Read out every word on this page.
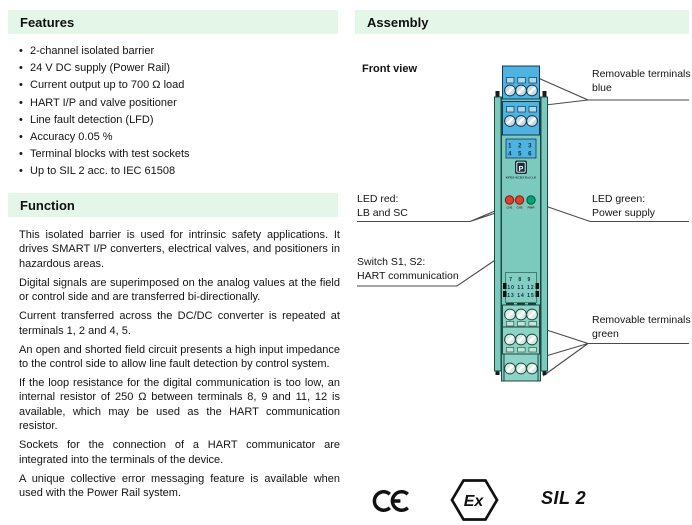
Features
• 2-channel isolated barrier
• 24 V DC supply (Power Rail)
• Current output up to 700 Ω load
• HART I/P and valve positioner
• Line fault detection (LFD)
• Accuracy 0.05 %
• Terminal blocks with test sockets
• Up to SIL 2 acc. to IEC 61508
Function

This isolated barrier is used for intrinsic safety applications. It drives SMART I/P converters, electrical valves, and positioners in hazardous areas.

Digital signals are superimposed on the analog values at the field or control side and are transferred bi-directionally.

Current transferred across the DC/DC converter is repeated at terminals 1, 2 and 4, 5.

An open and shorted field circuit presents a high input impedance to the control side to allow line fault detection by control system.

If the loop resistance for the digital communication is too low, an internal resistor of 250 Ω between terminals 8, 9 and 11, 12 is available, which may be used as the HART communication resistor.

Sockets for the connection of a HART communicator are integrated into the terminals of the device.

A unique collective error messaging feature is available when used with the Power Rail system.

Assembly
Front view	Removable terminals
blue
LED red:
LB and SC
LED green:
Power supply
Switch S1, S2:
HART communication
Removable terminals
green
SIL 2
1 2 3
4 5 6
P
KFD2-SCD2-Ex2.LK
CH1 CH2 PWR
7 8 9
10 11 12
13 14 15
Ex
